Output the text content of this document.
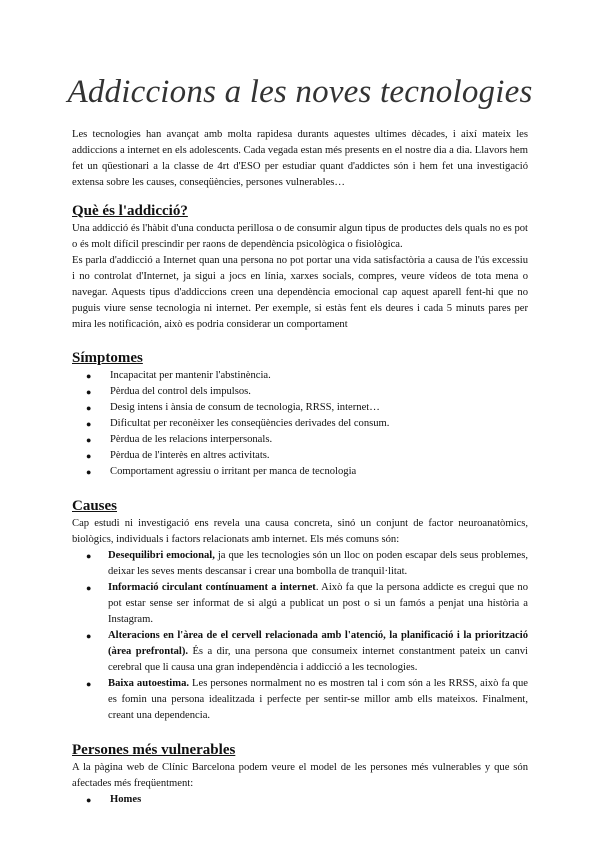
Addiccions a les noves tecnologies

Les tecnologies han avançat amb molta rapidesa durants aquestes ultimes dècades, i així mateix les addiccions a internet en els adolescents. Cada vegada estan més presents en el nostre dia a dia. Llavors hem fet un qüestionari a la classe de 4rt d'ESO per estudiar quant d'addictes són i hem fet una investigació extensa sobre les causes, conseqüències, persones vulnerables…

Què és l'addicció?

Una addicció és l'hàbit d'una conducta perillosa o de consumir algun tipus de productes dels quals no es pot o és molt difícil prescindir per raons de dependència psicològica o fisiològica.

Es parla d'addicció a Internet quan una persona no pot portar una vida satisfactòria a causa de l'ús excessiu i no controlat d'Internet, ja sigui a jocs en línia, xarxes socials, compres, veure vídeos de tota mena o navegar. Aquests tipus d'addiccions creen una dependència emocional cap aquest aparell fent-hi que no puguis viure sense tecnologia ni internet. Per exemple, si estàs fent els deures i cada 5 minuts pares per mira les notificación, això es podria considerar un comportament

Símptomes
● Incapacitat per mantenir l'abstinència.
● Pèrdua del control dels impulsos.
● Desig intens i ànsia de consum de tecnologia, RRSS, internet…
● Dificultat per reconèixer les conseqüències derivades del consum.
● Pèrdua de les relacions interpersonals.
● Pèrdua de l'interès en altres activitats.
● Comportament agressiu o irritant per manca de tecnologia
Causes

Cap estudi ni investigació ens revela una causa concreta, sinó un conjunt de factor neuroanatòmics, biològics, individuals i factors relacionats amb internet. Els més comuns són:

● Desequilibri emocional, ja que les tecnologies són un lloc on poden escapar dels seus problemes, deixar les seves ments descansar i crear una bombolla de tranquil·litat.
● Informació circulant contínuament a internet. Això fa que la persona addicte es cregui que no pot estar sense ser informat de si algú a publicat un post o si un famós a penjat una història a Instagram.
● Alteracions en l'àrea de el cervell relacionada amb l'atenció, la planificació i la priorització (àrea prefrontal). És a dir, una persona que consumeix internet constantment pateix un canvi cerebral que li causa una gran independència i addicció a les tecnologies.
● Baixa autoestima. Les persones normalment no es mostren tal i com són a les RRSS, això fa que es fomin una persona idealitzada i perfecte per sentir-se millor amb ells mateixos. Finalment, creant una dependencia.
Persones més vulnerables

A la pàgina web de Clínic Barcelona podem veure el model de les persones més vulnerables y que són afectades més freqüentment:

● Homes
